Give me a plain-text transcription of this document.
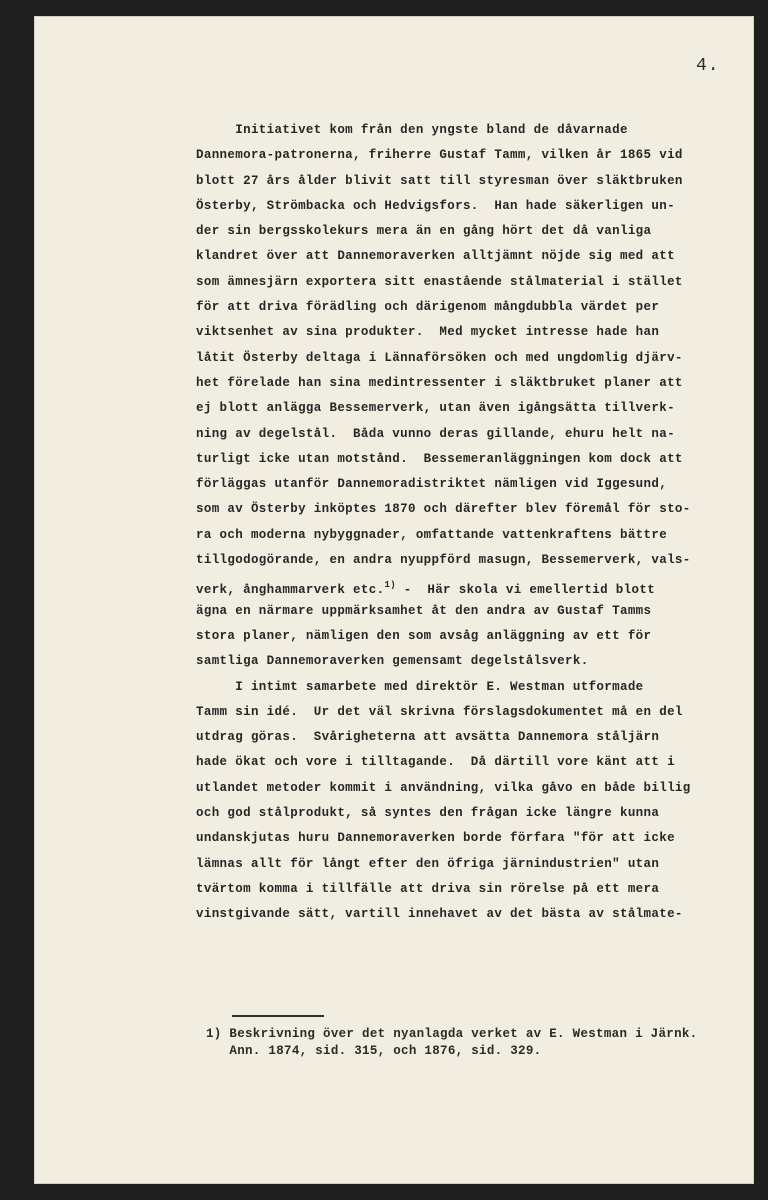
4.
Initiativet kom från den yngste bland de dåvarnade
Dannemora-patronerna, friherre Gustaf Tamm, vilken år 1865 vid
blott 27 års ålder blivit satt till styresman över släktbruken
Österby, Strömbacka och Hedvigsfors.  Han hade säkerligen un-
der sin bergsskolekurs mera än en gång hört det då vanliga
klandret över att Dannemoraverken alltjämnt nöjde sig med att
som ämnesjärn exportera sitt enastående stålmaterial i stället
för att driva förädling och därigenom mångdubbla värdet per
viktsenhet av sina produkter.  Med mycket intresse hade han
låtit Österby deltaga i Lännaförsöken och med ungdomlig djärv-
het förelade han sina medintressenter i släktbruket planer att
ej blott anlägga Bessemerverk, utan även igångsätta tillverk-
ning av degelstål.  Båda vunno deras gillande, ehuru helt na-
turligt icke utan motstånd.  Bessemeranläggningen kom dock att
förläggas utanför Dannemoradistriktet nämligen vid Iggesund,
som av Österby inköptes 1870 och därefter blev föremål för sto-
ra och moderna nybyggnader, omfattande vattenkraftens bättre
tillgodogörande, en andra nyuppförd masugn, Bessemerverk, vals-
verk, ånghammarverk etc.$^{1)}$ -  Här skola vi emellertid blott
ägna en närmare uppmärksamhet åt den andra av Gustaf Tamms
stora planer, nämligen den som avsåg anläggning av ett för
samtliga Dannemoraverken gemensamt degelstålsverk.
I intimt samarbete med direktör E. Westman utformade
Tamm sin idé.  Ur det väl skrivna förslagsdokumentet må en del
utdrag göras.  Svårigheterna att avsätta Dannemora ståljärn
hade ökat och vore i tilltagande.  Då därtill vore känt att i
utlandet metoder kommit i användning, vilka gåvo en både billig
och god stålprodukt, så syntes den frågan icke längre kunna
undanskjutas huru Dannemoraverken borde förfara "för att icke
lämnas allt för långt efter den öfriga järnindustrien" utan
tvärtom komma i tillfälle att driva sin rörelse på ett mera
vinstgivande sätt, vartill innehavet av det bästa av stålmate-
1) Beskrivning över det nyanlagda verket av E. Westman i Järnk.
Ann. 1874, sid. 315, och 1876, sid. 329.
